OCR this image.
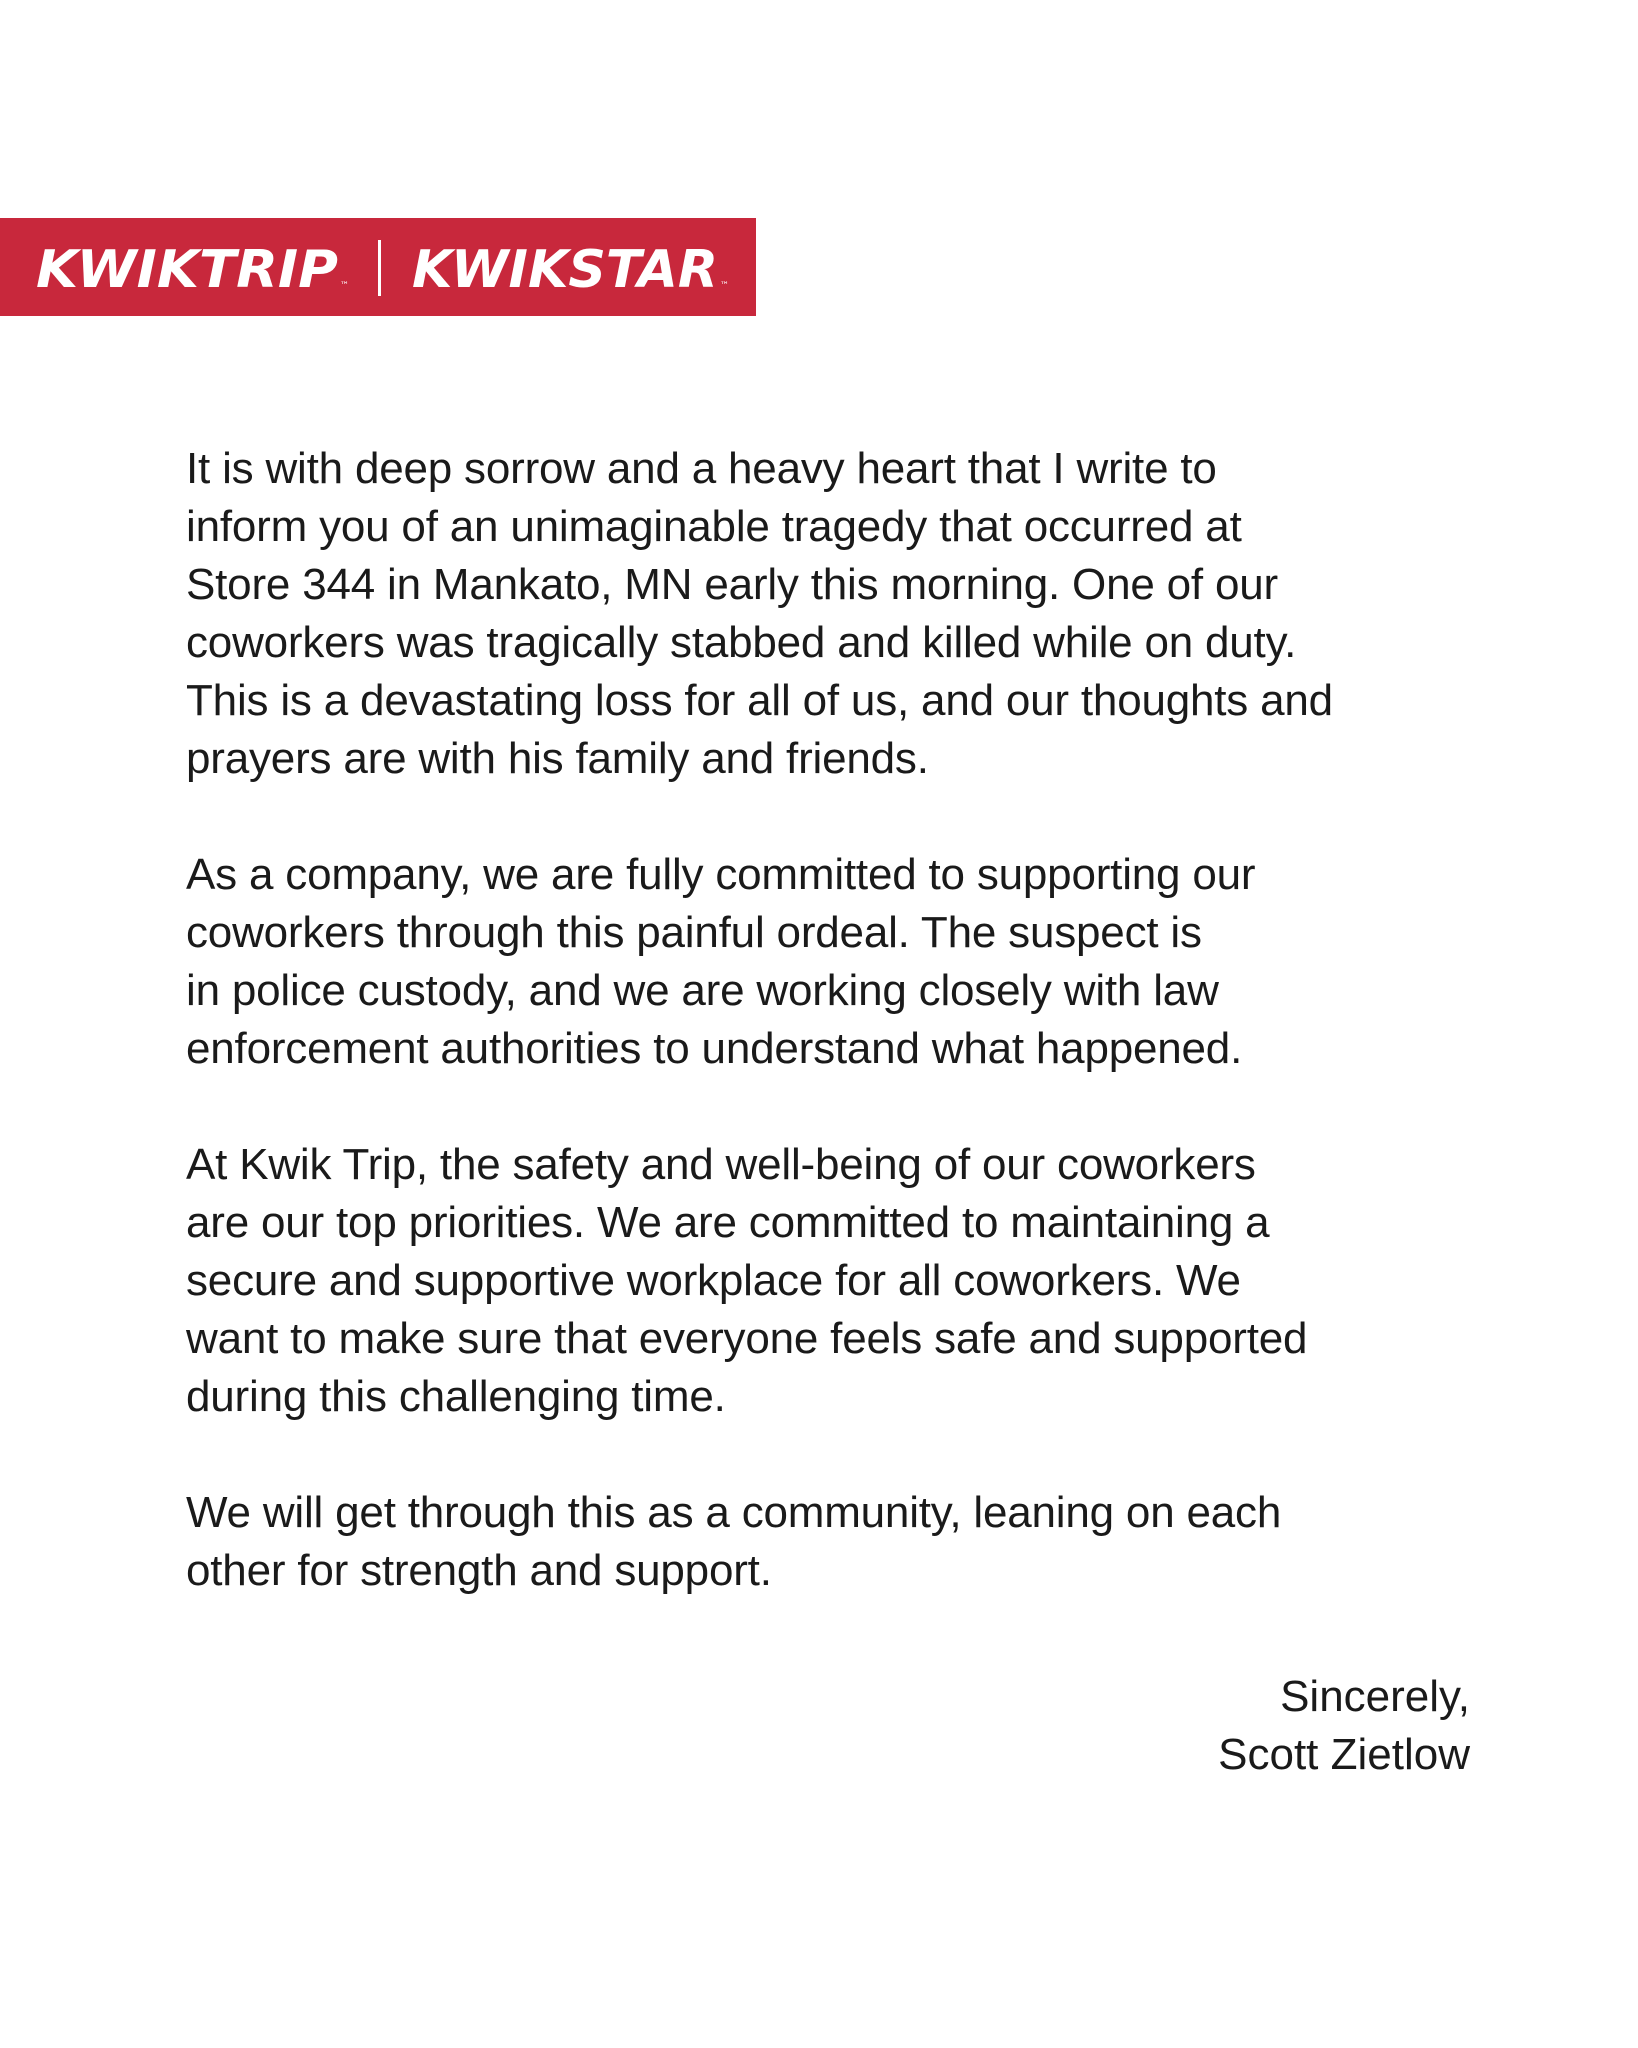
KWIKTRIP ™ KWIKSTAR ™

It is with deep sorrow and a heavy heart that I write to
inform you of an unimaginable tragedy that occurred at
Store 344 in Mankato, MN early this morning. One of our
coworkers was tragically stabbed and killed while on duty.
This is a devastating loss for all of us, and our thoughts and
prayers are with his family and friends.

As a company, we are fully committed to supporting our
coworkers through this painful ordeal. The suspect is
in police custody, and we are working closely with law
enforcement authorities to understand what happened.

At Kwik Trip, the safety and well-being of our coworkers
are our top priorities. We are committed to maintaining a
secure and supportive workplace for all coworkers. We
want to make sure that everyone feels safe and supported
during this challenging time.

We will get through this as a community, leaning on each
other for strength and support.

Sincerely,
Scott Zietlow
